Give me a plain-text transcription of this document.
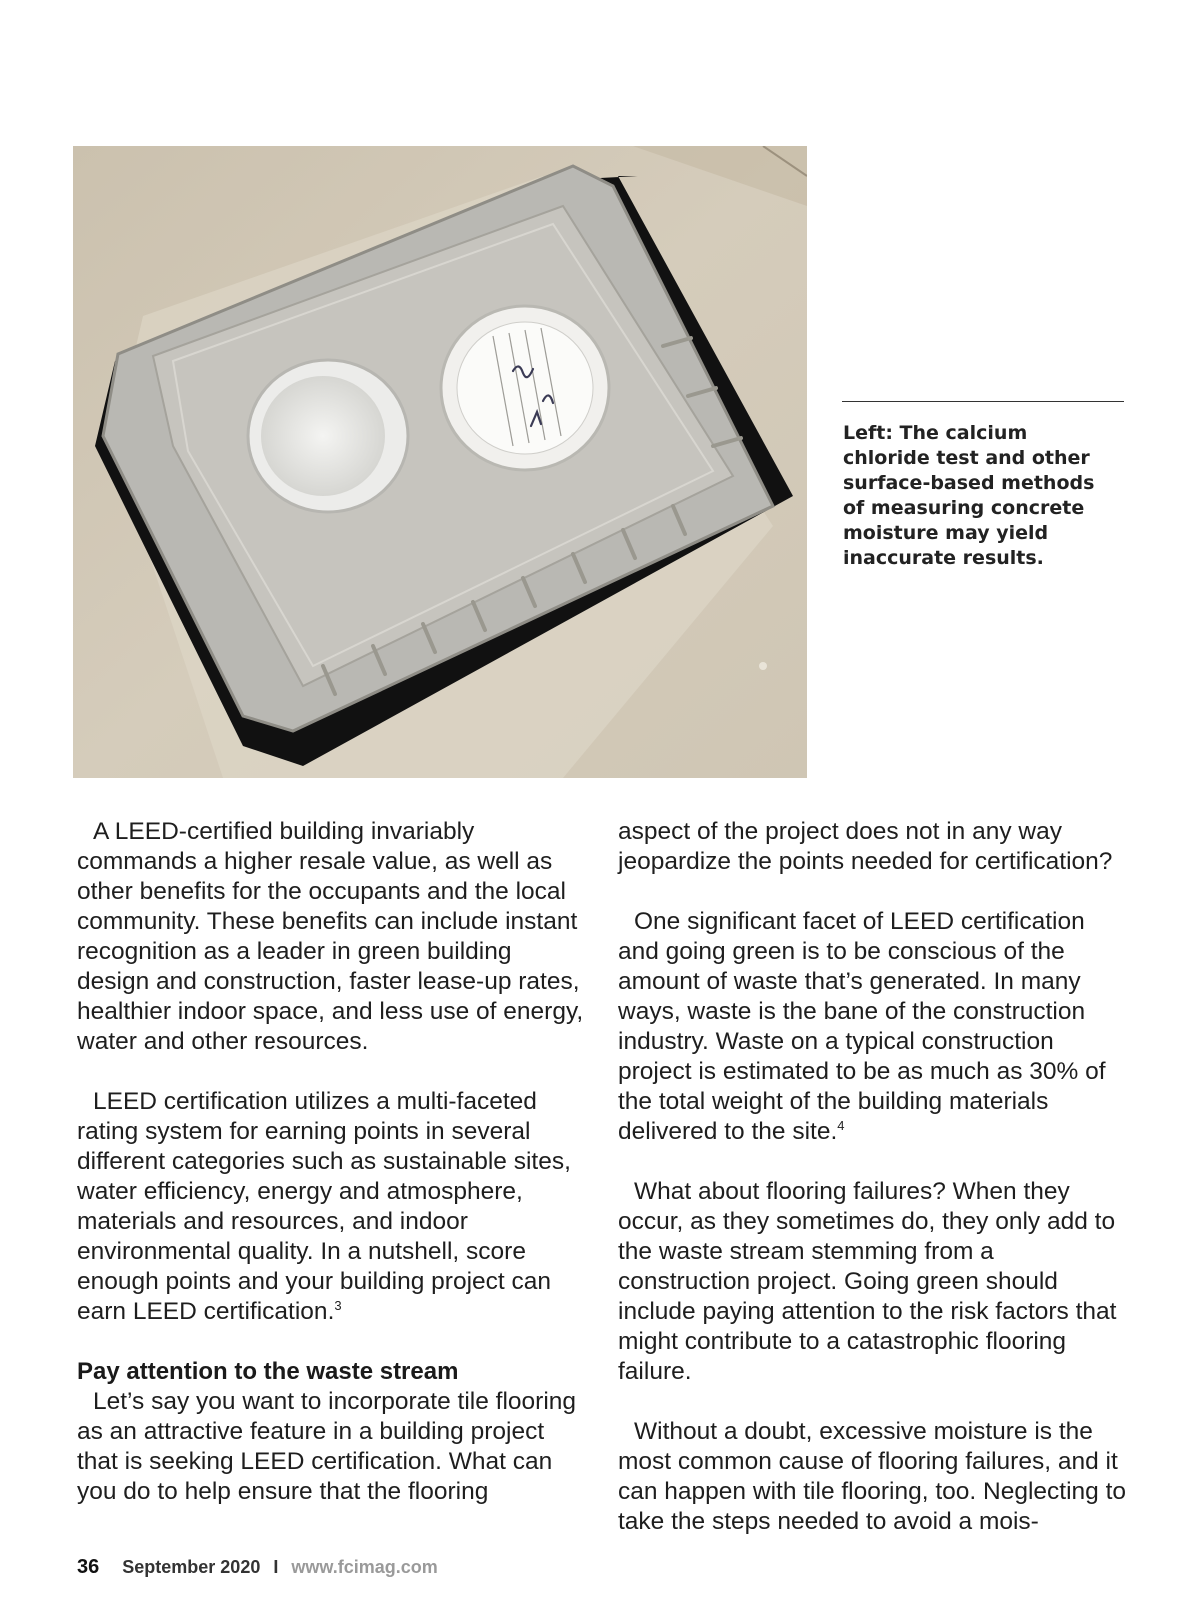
Left: The calcium chloride test and other surface-based methods of measuring concrete moisture may yield inaccurate results.

A LEED-certified building invariably commands a higher resale value, as well as other benefits for the occupants and the local community. These benefits can include instant recognition as a leader in green building design and construction, faster lease-up rates, healthier indoor space, and less use of energy, water and other resources.

LEED certification utilizes a multi-faceted rating system for earning points in several different categories such as sustainable sites, water efficiency, energy and atmosphere, materials and resources, and indoor environmental quality. In a nutshell, score enough points and your building project can earn LEED certification.$^3$

Pay attention to the waste stream

Let’s say you want to incorporate tile flooring as an attractive feature in a building project that is seeking LEED certification. What can you do to help ensure that the flooring

aspect of the project does not in any way jeopardize the points needed for certification?

One significant facet of LEED certification and going green is to be conscious of the amount of waste that’s generated. In many ways, waste is the bane of the construction industry. Waste on a typical construction project is estimated to be as much as 30% of the total weight of the building materials delivered to the site.$^4$

What about flooring failures? When they occur, as they sometimes do, they only add to the waste stream stemming from a construction project. Going green should include paying attention to the risk factors that might contribute to a catastrophic flooring failure.

Without a doubt, excessive moisture is the most common cause of flooring failures, and it can happen with tile flooring, too. Neglecting to take the steps needed to avoid a mois-

36 September 2020 I www.fcimag.com
